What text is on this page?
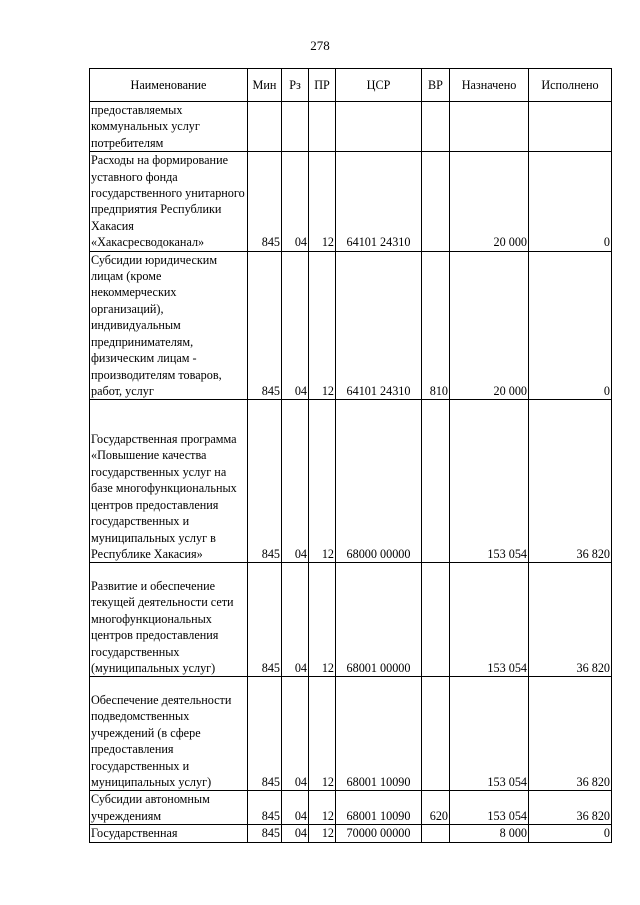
278
Наименование	Мин	Рз	ПР	ЦСР	ВР	Назначено	Исполнено
предоставляемых коммунальных услуг потребителям							
Расходы на формирование уставного фонда государственного унитарного предприятия Республики Хакасия «Хакасресводоканал»	845	04	12	64101 24310		20 000	0
Субсидии юридическим лицам (кроме некоммерческих организаций), индивидуальным предпринимателям, физическим лицам - производителям товаров, работ, услуг	845	04	12	64101 24310	810	20 000	0
Государственная программа «Повышение качества государственных услуг на базе многофункциональных центров предоставления государственных и муниципальных услуг в Республике Хакасия»	845	04	12	68000 00000		153 054	36 820
Развитие и обеспечение текущей деятельности сети многофункциональных центров предоставления государственных (муниципальных услуг)	845	04	12	68001 00000		153 054	36 820
Обеспечение деятельности подведомственных учреждений (в сфере предоставления государственных и муниципальных услуг)	845	04	12	68001 10090		153 054	36 820
Субсидии автономным учреждениям	845	04	12	68001 10090	620	153 054	36 820
Государственная	845	04	12	70000 00000		8 000	0
